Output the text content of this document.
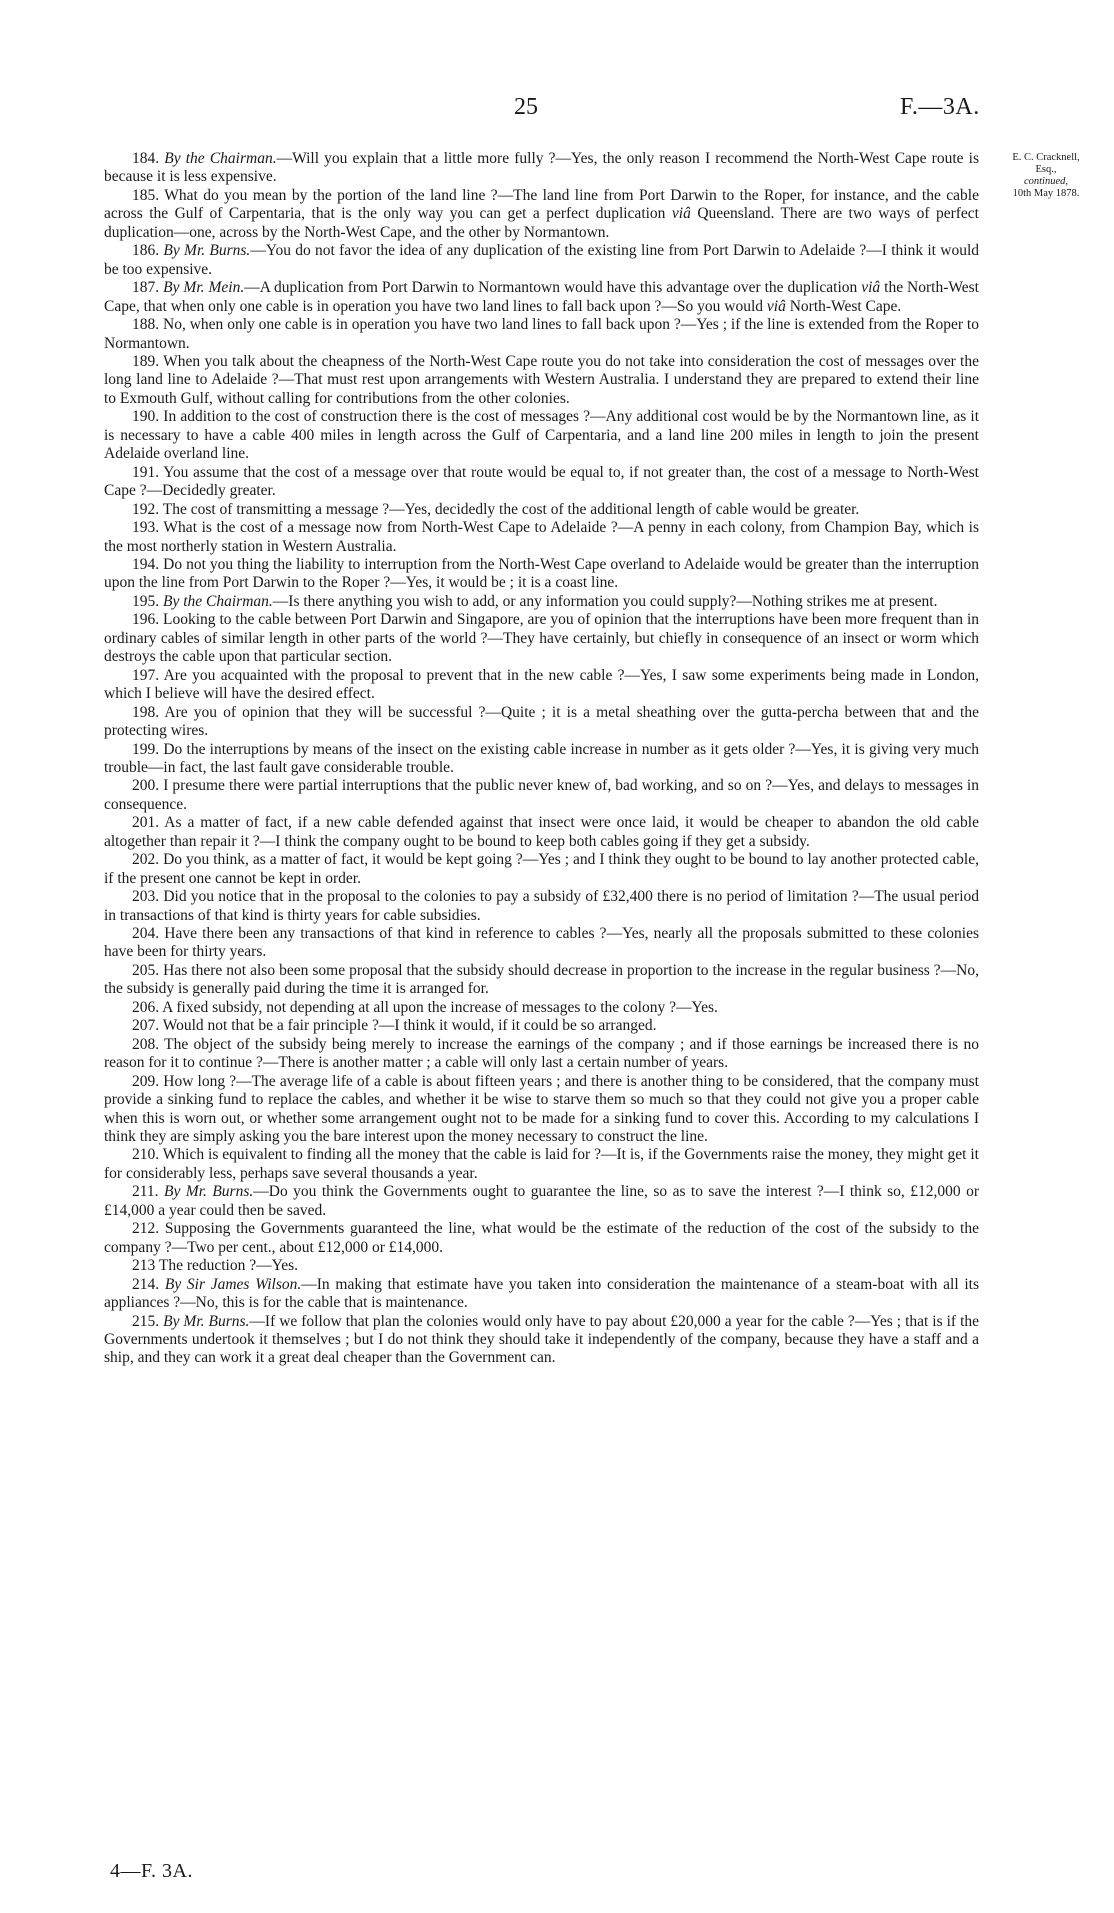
25	F.—3A.
E. C. Cracknell,
Esq.,
continued,
10th May 1878.

184. By the Chairman.—Will you explain that a little more fully ?—Yes, the only reason I recommend the North-West Cape route is because it is less expensive.

185. What do you mean by the portion of the land line ?—The land line from Port Darwin to the Roper, for instance, and the cable across the Gulf of Carpentaria, that is the only way you can get a perfect duplication viâ Queensland. There are two ways of perfect duplication—one, across by the North-West Cape, and the other by Normantown.

186. By Mr. Burns.—You do not favor the idea of any duplication of the existing line from Port Darwin to Adelaide ?—I think it would be too expensive.

187. By Mr. Mein.—A duplication from Port Darwin to Normantown would have this advantage over the duplication viâ the North-West Cape, that when only one cable is in operation you have two land lines to fall back upon ?—So you would viâ North-West Cape.

188. No, when only one cable is in operation you have two land lines to fall back upon ?—Yes ; if the line is extended from the Roper to Normantown.

189. When you talk about the cheapness of the North-West Cape route you do not take into consideration the cost of messages over the long land line to Adelaide ?—That must rest upon arrangements with Western Australia. I understand they are prepared to extend their line to Exmouth Gulf, without calling for contributions from the other colonies.

190. In addition to the cost of construction there is the cost of messages ?—Any additional cost would be by the Normantown line, as it is necessary to have a cable 400 miles in length across the Gulf of Carpentaria, and a land line 200 miles in length to join the present Adelaide overland line.

191. You assume that the cost of a message over that route would be equal to, if not greater than, the cost of a message to North-West Cape ?—Decidedly greater.

192. The cost of transmitting a message ?—Yes, decidedly the cost of the additional length of cable would be greater.

193. What is the cost of a message now from North-West Cape to Adelaide ?—A penny in each colony, from Champion Bay, which is the most northerly station in Western Australia.

194. Do not you thing the liability to interruption from the North-West Cape overland to Adelaide would be greater than the interruption upon the line from Port Darwin to the Roper ?—Yes, it would be ; it is a coast line.

195. By the Chairman.—Is there anything you wish to add, or any information you could supply?—Nothing strikes me at present.

196. Looking to the cable between Port Darwin and Singapore, are you of opinion that the interruptions have been more frequent than in ordinary cables of similar length in other parts of the world ?—They have certainly, but chiefly in consequence of an insect or worm which destroys the cable upon that particular section.

197. Are you acquainted with the proposal to prevent that in the new cable ?—Yes, I saw some experiments being made in London, which I believe will have the desired effect.

198. Are you of opinion that they will be successful ?—Quite ; it is a metal sheathing over the gutta-percha between that and the protecting wires.

199. Do the interruptions by means of the insect on the existing cable increase in number as it gets older ?—Yes, it is giving very much trouble—in fact, the last fault gave considerable trouble.

200. I presume there were partial interruptions that the public never knew of, bad working, and so on ?—Yes, and delays to messages in consequence.

201. As a matter of fact, if a new cable defended against that insect were once laid, it would be cheaper to abandon the old cable altogether than repair it ?—I think the company ought to be bound to keep both cables going if they get a subsidy.

202. Do you think, as a matter of fact, it would be kept going ?—Yes ; and I think they ought to be bound to lay another protected cable, if the present one cannot be kept in order.

203. Did you notice that in the proposal to the colonies to pay a subsidy of £32,400 there is no period of limitation ?—The usual period in transactions of that kind is thirty years for cable subsidies.

204. Have there been any transactions of that kind in reference to cables ?—Yes, nearly all the proposals submitted to these colonies have been for thirty years.

205. Has there not also been some proposal that the subsidy should decrease in proportion to the increase in the regular business ?—No, the subsidy is generally paid during the time it is arranged for.

206. A fixed subsidy, not depending at all upon the increase of messages to the colony ?—Yes.

207. Would not that be a fair principle ?—I think it would, if it could be so arranged.

208. The object of the subsidy being merely to increase the earnings of the company ; and if those earnings be increased there is no reason for it to continue ?—There is another matter ; a cable will only last a certain number of years.

209. How long ?—The average life of a cable is about fifteen years ; and there is another thing to be considered, that the company must provide a sinking fund to replace the cables, and whether it be wise to starve them so much so that they could not give you a proper cable when this is worn out, or whether some arrangement ought not to be made for a sinking fund to cover this. According to my calculations I think they are simply asking you the bare interest upon the money necessary to construct the line.

210. Which is equivalent to finding all the money that the cable is laid for ?—It is, if the Governments raise the money, they might get it for considerably less, perhaps save several thousands a year.

211. By Mr. Burns.—Do you think the Governments ought to guarantee the line, so as to save the interest ?—I think so, £12,000 or £14,000 a year could then be saved.

212. Supposing the Governments guaranteed the line, what would be the estimate of the reduction of the cost of the subsidy to the company ?—Two per cent., about £12,000 or £14,000.

213 The reduction ?—Yes.

214. By Sir James Wilson.—In making that estimate have you taken into consideration the maintenance of a steam-boat with all its appliances ?—No, this is for the cable that is maintenance.

215. By Mr. Burns.—If we follow that plan the colonies would only have to pay about £20,000 a year for the cable ?—Yes ; that is if the Governments undertook it themselves ; but I do not think they should take it independently of the company, because they have a staff and a ship, and they can work it a great deal cheaper than the Government can.

4—F. 3A.
